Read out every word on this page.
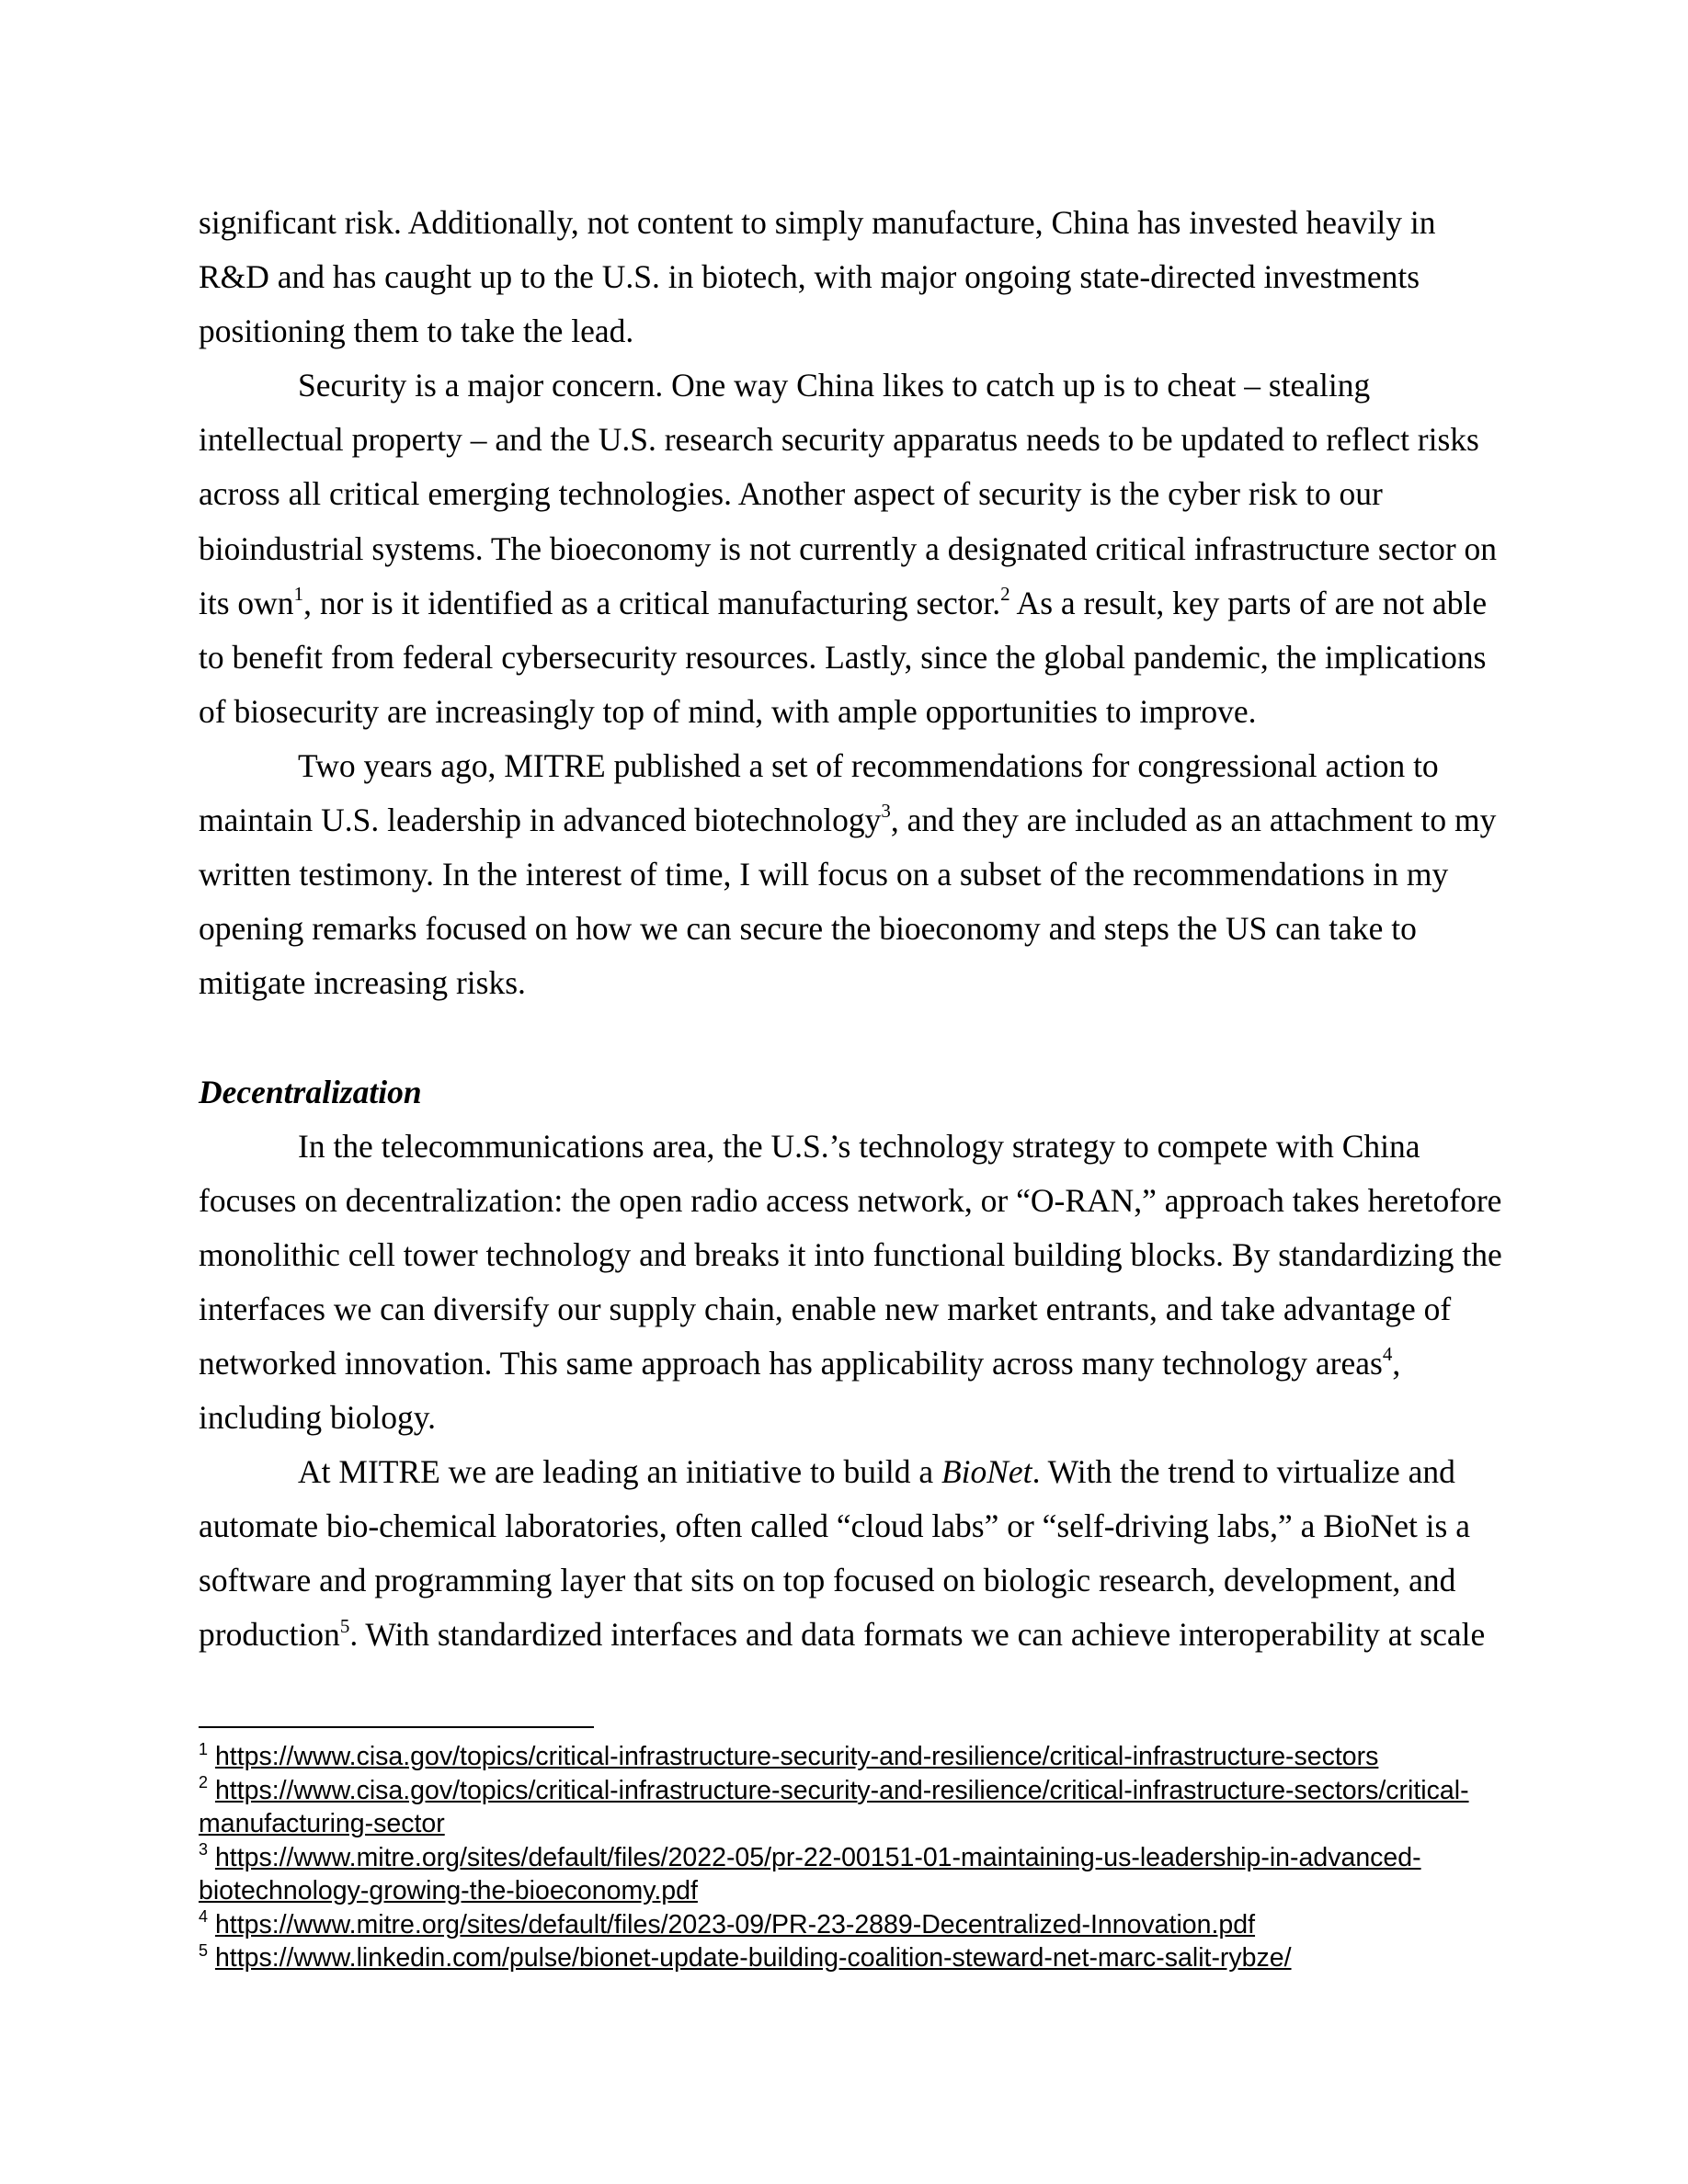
significant risk. Additionally, not content to simply manufacture, China has invested heavily in R&D and has caught up to the U.S. in biotech, with major ongoing state-directed investments positioning them to take the lead.

Security is a major concern. One way China likes to catch up is to cheat – stealing intellectual property – and the U.S. research security apparatus needs to be updated to reflect risks across all critical emerging technologies. Another aspect of security is the cyber risk to our bioindustrial systems. The bioeconomy is not currently a designated critical infrastructure sector on its own$^1$, nor is it identified as a critical manufacturing sector.$^2$ As a result, key parts of are not able to benefit from federal cybersecurity resources. Lastly, since the global pandemic, the implications of biosecurity are increasingly top of mind, with ample opportunities to improve.

Two years ago, MITRE published a set of recommendations for congressional action to maintain U.S. leadership in advanced biotechnology$^3$, and they are included as an attachment to my written testimony. In the interest of time, I will focus on a subset of the recommendations in my opening remarks focused on how we can secure the bioeconomy and steps the US can take to mitigate increasing risks.

Decentralization

In the telecommunications area, the U.S.’s technology strategy to compete with China focuses on decentralization: the open radio access network, or “O-RAN,” approach takes heretofore monolithic cell tower technology and breaks it into functional building blocks. By standardizing the interfaces we can diversify our supply chain, enable new market entrants, and take advantage of networked innovation. This same approach has applicability across many technology areas$^4$, including biology.

At MITRE we are leading an initiative to build a BioNet. With the trend to virtualize and automate bio-chemical laboratories, often called “cloud labs” or “self-driving labs,” a BioNet is a software and programming layer that sits on top focused on biologic research, development, and production$^5$. With standardized interfaces and data formats we can achieve interoperability at scale

$^1$ https://www.cisa.gov/topics/critical-infrastructure-security-and-resilience/critical-infrastructure-sectors

$^2$ https://www.cisa.gov/topics/critical-infrastructure-security-and-resilience/critical-infrastructure-sectors/critical-
manufacturing-sector

$^3$ https://www.mitre.org/sites/default/files/2022-05/pr-22-00151-01-maintaining-us-leadership-in-advanced-
biotechnology-growing-the-bioeconomy.pdf

$^4$ https://www.mitre.org/sites/default/files/2023-09/PR-23-2889-Decentralized-Innovation.pdf

$^5$ https://www.linkedin.com/pulse/bionet-update-building-coalition-steward-net-marc-salit-rybze/
